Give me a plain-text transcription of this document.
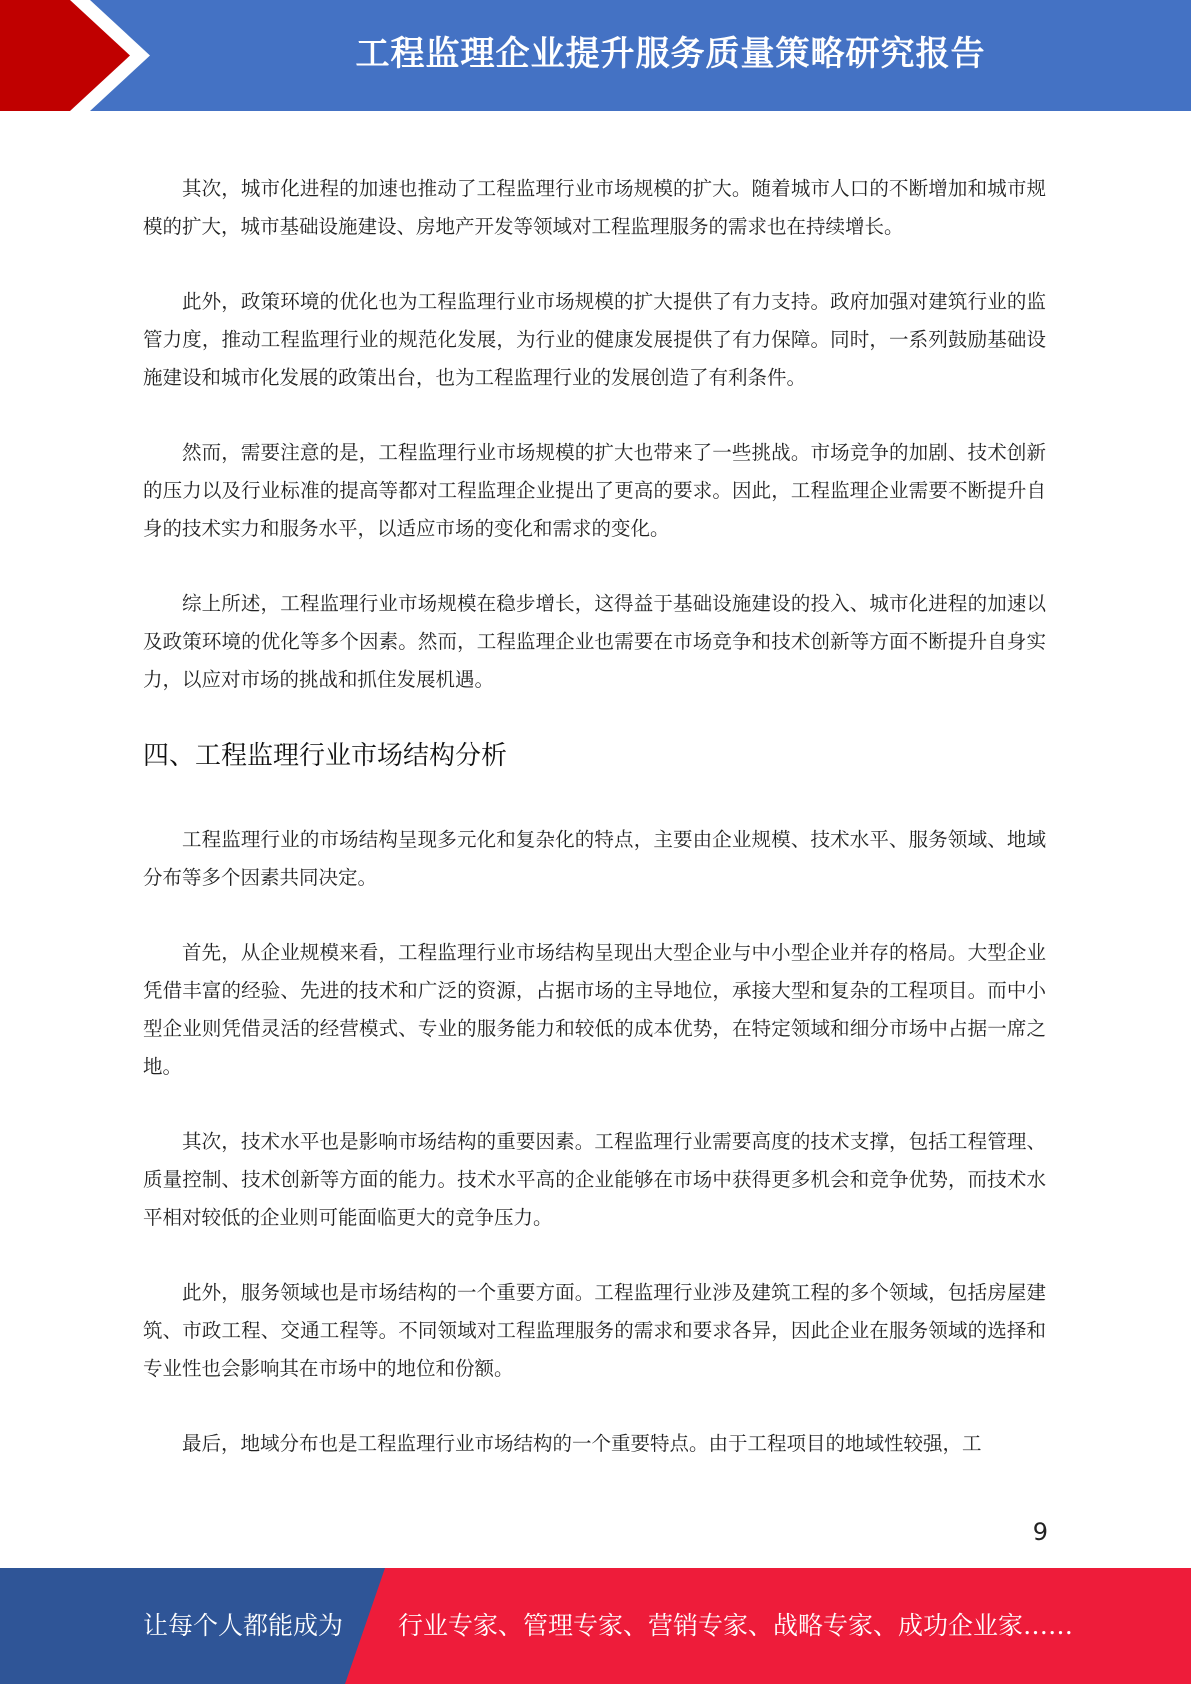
工程监理企业提升服务质量策略研究报告

其次，城市化进程的加速也推动了工程监理行业市场规模的扩大。随着城市人口的不断增加和城市规模的扩大，城市基础设施建设、房地产开发等领域对工程监理服务的需求也在持续增长。

此外，政策环境的优化也为工程监理行业市场规模的扩大提供了有力支持。政府加强对建筑行业的监管力度，推动工程监理行业的规范化发展，为行业的健康发展提供了有力保障。同时，一系列鼓励基础设施建设和城市化发展的政策出台，也为工程监理行业的发展创造了有利条件。

然而，需要注意的是，工程监理行业市场规模的扩大也带来了一些挑战。市场竞争的加剧、技术创新的压力以及行业标准的提高等都对工程监理企业提出了更高的要求。因此，工程监理企业需要不断提升自身的技术实力和服务水平，以适应市场的变化和需求的变化。

综上所述，工程监理行业市场规模在稳步增长，这得益于基础设施建设的投入、城市化进程的加速以及政策环境的优化等多个因素。然而，工程监理企业也需要在市场竞争和技术创新等方面不断提升自身实力，以应对市场的挑战和抓住发展机遇。

四、工程监理行业市场结构分析

工程监理行业的市场结构呈现多元化和复杂化的特点，主要由企业规模、技术水平、服务领域、地域分布等多个因素共同决定。

首先，从企业规模来看，工程监理行业市场结构呈现出大型企业与中小型企业并存的格局。大型企业凭借丰富的经验、先进的技术和广泛的资源，占据市场的主导地位，承接大型和复杂的工程项目。而中小型企业则凭借灵活的经营模式、专业的服务能力和较低的成本优势，在特定领域和细分市场中占据一席之地。

其次，技术水平也是影响市场结构的重要因素。工程监理行业需要高度的技术支撑，包括工程管理、质量控制、技术创新等方面的能力。技术水平高的企业能够在市场中获得更多机会和竞争优势，而技术水平相对较低的企业则可能面临更大的竞争压力。

此外，服务领域也是市场结构的一个重要方面。工程监理行业涉及建筑工程的多个领域，包括房屋建筑、市政工程、交通工程等。不同领域对工程监理服务的需求和要求各异，因此企业在服务领域的选择和专业性也会影响其在市场中的地位和份额。

最后，地域分布也是工程监理行业市场结构的一个重要特点。由于工程项目的地域性较强，工

9
让每个人都能成为 行业专家、管理专家、营销专家、战略专家、成功企业家……
